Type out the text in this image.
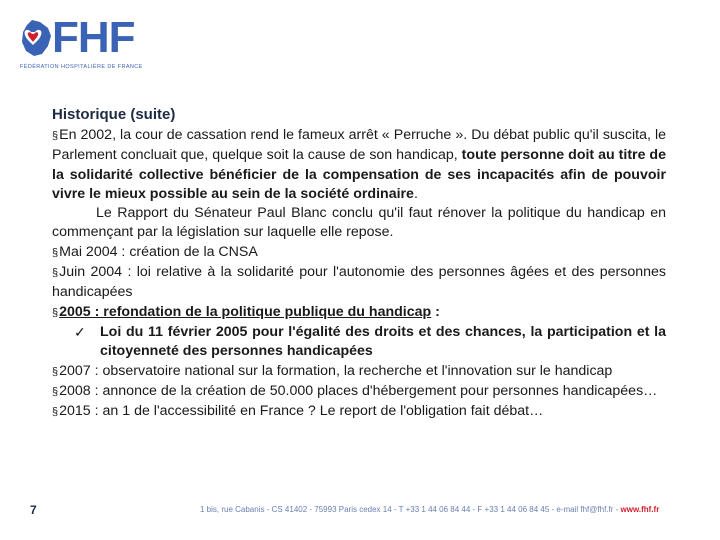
FHF
FÉDÉRATION HOSPITALIÈRE DE FRANCE
Historique (suite)

§En 2002, la cour de cassation rend le fameux arrêt « Perruche ». Du débat public qu'il suscita, le Parlement concluait que, quelque soit la cause de son handicap, toute personne doit au titre de la solidarité collective bénéficier de la compensation de ses incapacités afin de pouvoir vivre le mieux possible au sein de la société ordinaire.

Le Rapport du Sénateur Paul Blanc conclu qu'il faut rénover la politique du handicap en commençant par la législation sur laquelle elle repose.

§Mai 2004 : création de la CNSA

§Juin 2004 : loi relative à la solidarité pour l'autonomie des personnes âgées et des personnes handicapées

§2005 : refondation de la politique publique du handicap :

✓	Loi du 11 février 2005 pour l'égalité des droits et des chances, la participation et la citoyenneté des personnes handicapées

§2007 : observatoire national sur la formation, la recherche et l'innovation sur le handicap

§2008 : annonce de la création de 50.000 places d'hébergement pour personnes handicapées…

§2015 : an 1 de l'accessibilité en France ? Le report de l'obligation fait débat…

7	1 bis, rue Cabanis - CS 41402 - 75993 Paris cedex 14 - T +33 1 44 06 84 44 - F +33 1 44 06 84 45 - e-mail fhf@fhf.fr - www.fhf.fr
